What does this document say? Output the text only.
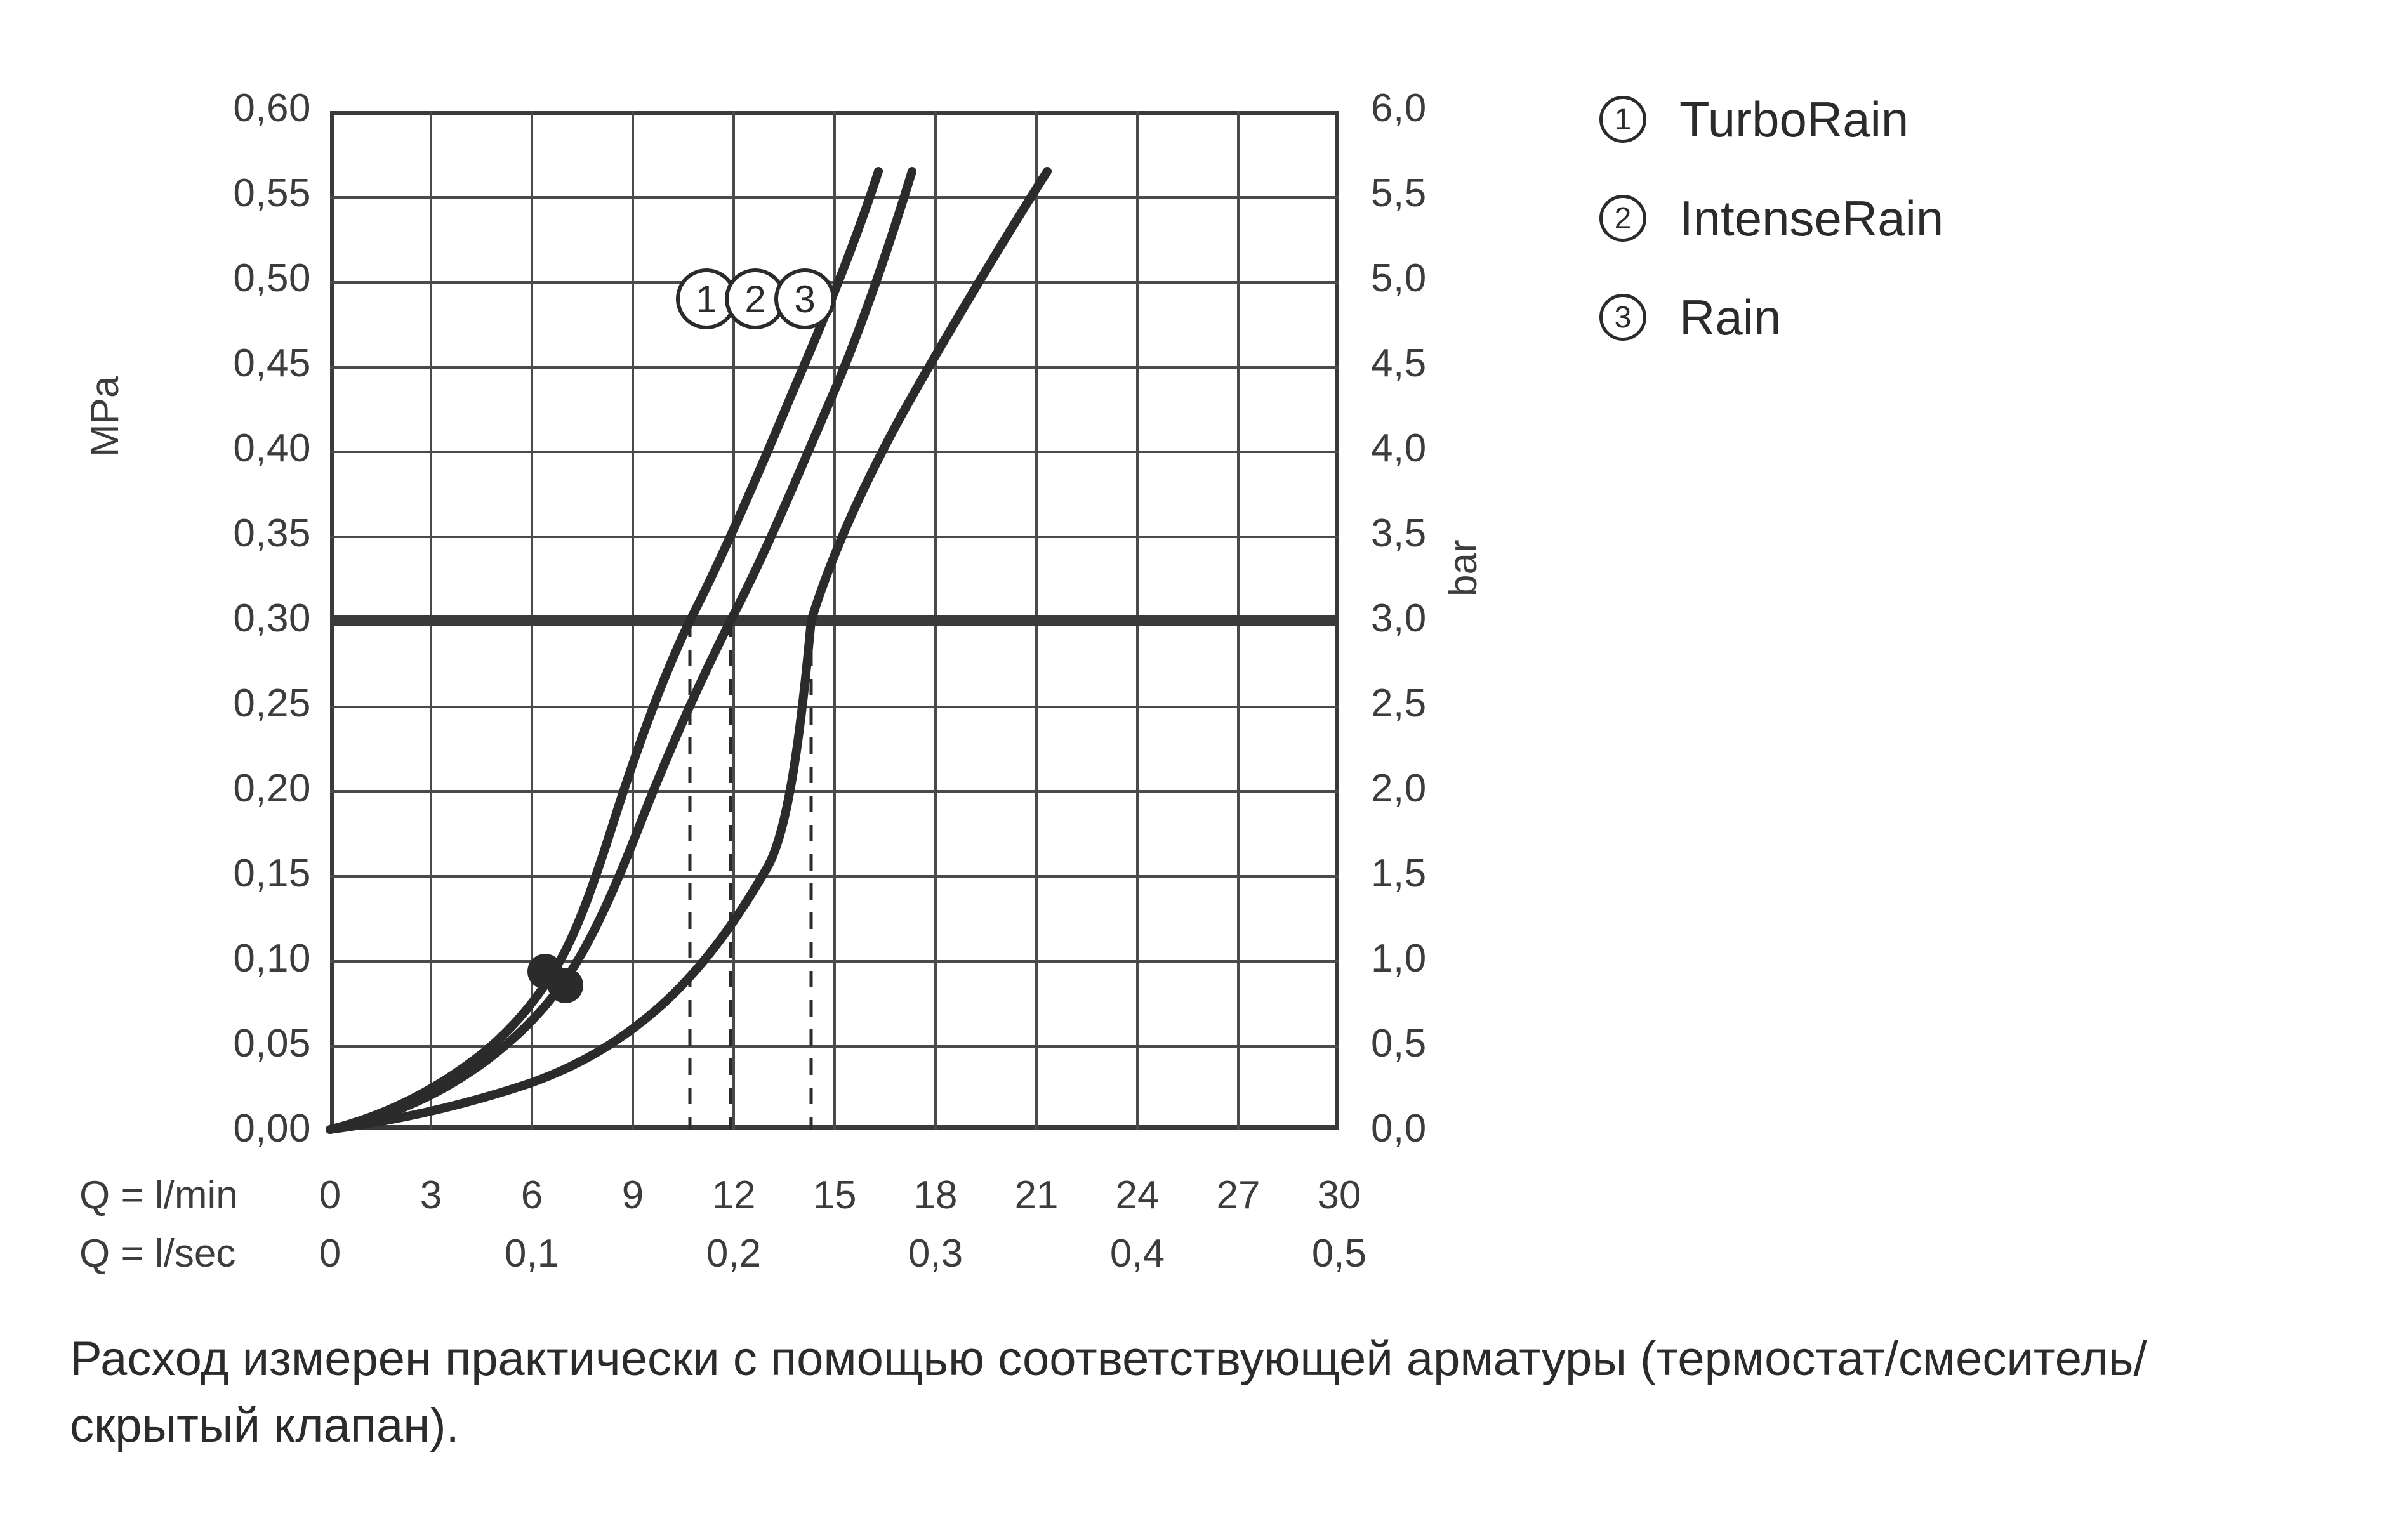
MPa
bar
0,60
0,55
0,50
0,45
0,40
0,35
0,30
0,25
0,20
0,15
0,10
0,05
0,00
6,0
5,5
5,0
4,5
4,0
3,5
3,0
2,5
2,0
1,5
1,0
0,5
0,0
1 2 3
Q = l/min	0	3	6	9	12	15	18	21	24	27	30
Q = l/sec	0	0,1	0,2	0,3	0,4	0,5
1 TurboRain
2 IntenseRain
3 Rain
Расход измерен практически с помощью соответствующей арматуры (термостат/смеситель/скрытый клапан).
